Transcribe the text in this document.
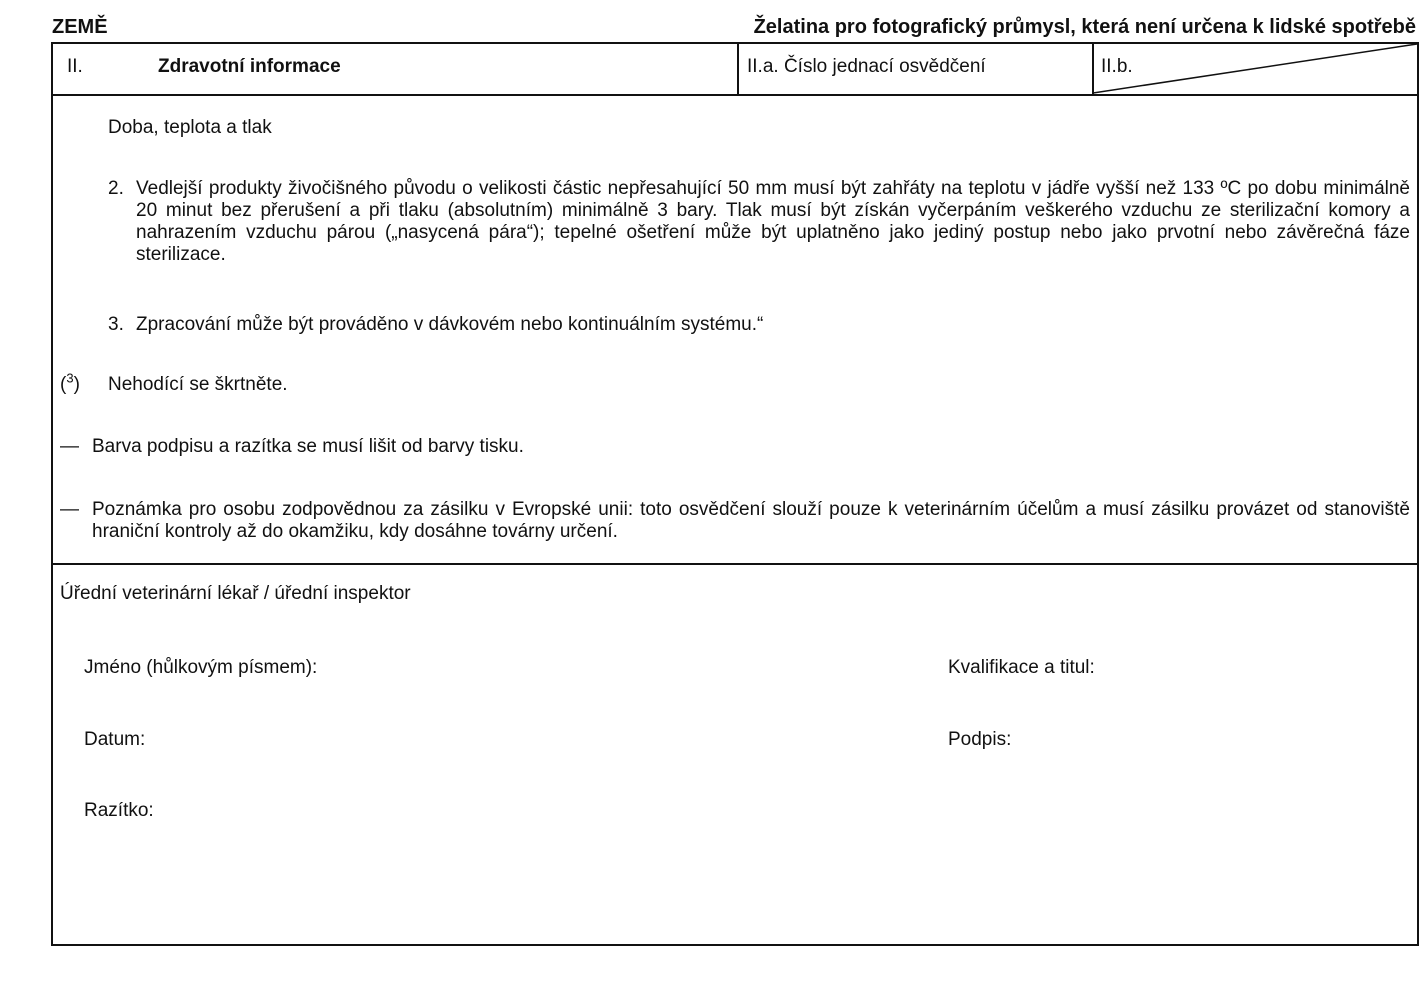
ZEMĚ	Želatina pro fotografický průmysl, která není určena k lidské spotřebě
II.	Zdravotní informace	II.a. Číslo jednací osvědčení	II.b.
Doba, teplota a tlak
2. Vedlejší produkty živočišného původu o velikosti částic nepřesahující 50 mm musí být zahřáty na teplotu v jádře vyšší než 133 ºC po dobu minimálně 20 minut bez přerušení a při tlaku (absolutním) minimálně 3 bary. Tlak musí být získán vyčerpáním veškerého vzduchu ze sterilizační komory a nahrazením vzduchu párou („nasycená pára“); tepelné ošetření může být uplatněno jako jediný postup nebo jako prvotní nebo závěrečná fáze sterilizace.
3. Zpracování může být prováděno v dávkovém nebo kontinuálním systému.“
($^3$) Nehodící se škrtněte.
— Barva podpisu a razítka se musí lišit od barvy tisku.
— Poznámka pro osobu zodpovědnou za zásilku v Evropské unii: toto osvědčení slouží pouze k veterinárním účelům a musí zásilku provázet od stanoviště hraniční kontroly až do okamžiku, kdy dosáhne továrny určení.
Úřední veterinární lékař / úřední inspektor
Jméno (hůlkovým písmem):	Kvalifikace a titul:
Datum:	Podpis:
Razítko:
